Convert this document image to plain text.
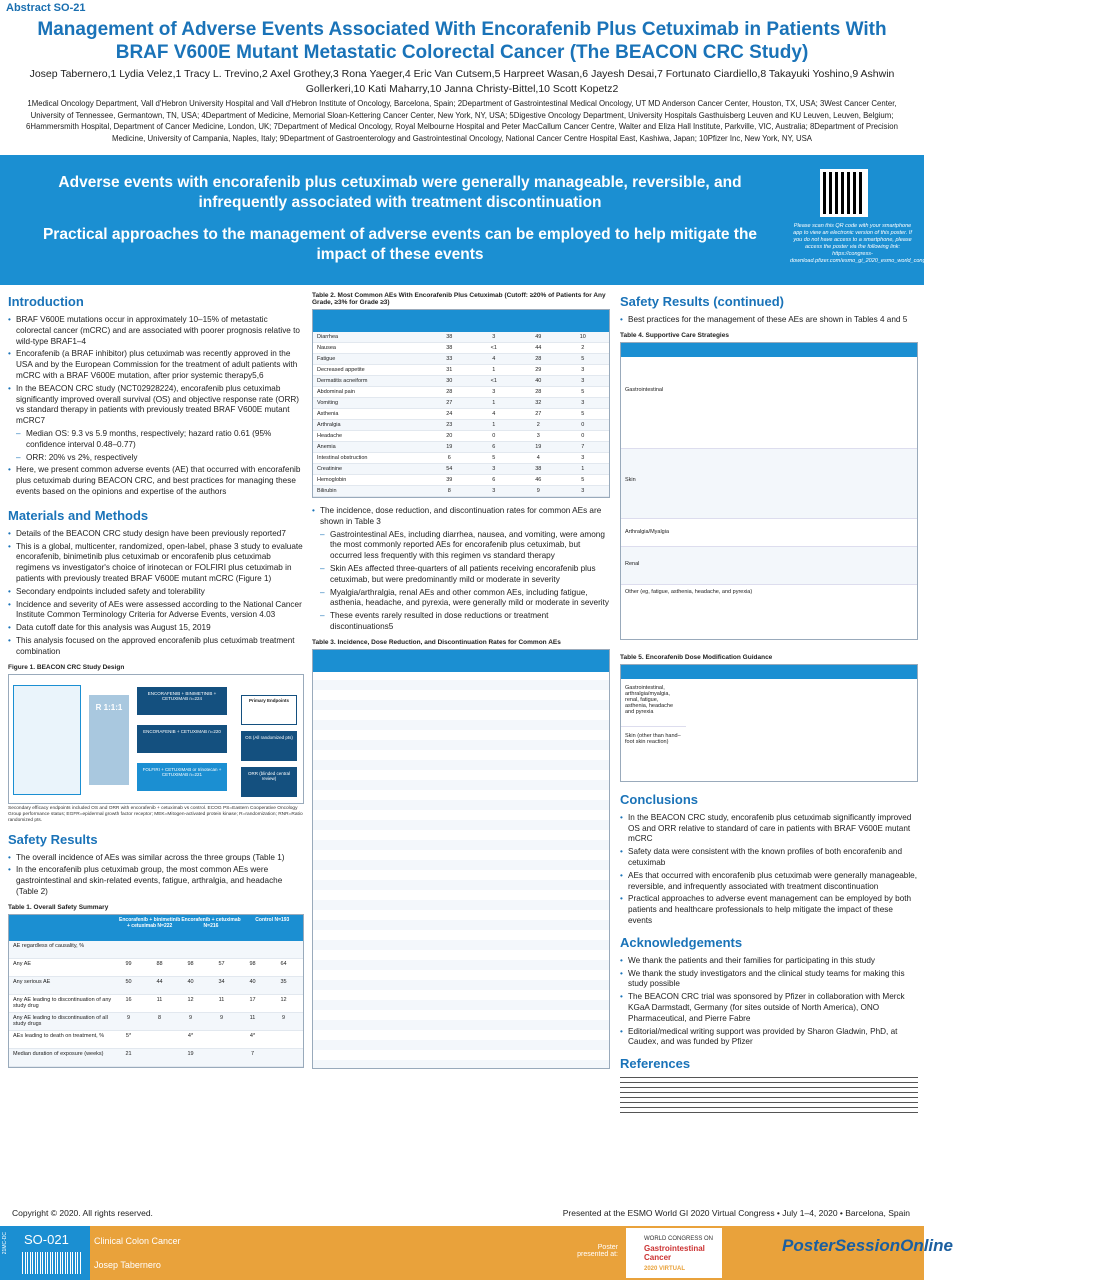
Abstract SO-21
Management of Adverse Events Associated With Encorafenib Plus Cetuximab in Patients With BRAF V600E Mutant Metastatic Colorectal Cancer (The BEACON CRC Study)
Josep Tabernero,1 Lydia Velez,1 Tracy L. Trevino,2 Axel Grothey,3 Rona Yaeger,4 Eric Van Cutsem,5 Harpreet Wasan,6 Jayesh Desai,7 Fortunato Ciardiello,8 Takayuki Yoshino,9 Ashwin Gollerkeri,10 Kati Maharry,10 Janna Christy-Bittel,10 Scott Kopetz2
1Medical Oncology Department, Vall d'Hebron University Hospital and Vall d'Hebron Institute of Oncology, Barcelona, Spain; 2Department of Gastrointestinal Medical Oncology, UT MD Anderson Cancer Center, Houston, TX, USA; 3West Cancer Center, University of Tennessee, Germantown, TN, USA; 4Department of Medicine, Memorial Sloan-Kettering Cancer Center, New York, NY, USA; 5Digestive Oncology Department, University Hospitals Gasthuisberg Leuven and KU Leuven, Leuven, Belgium; 6Hammersmith Hospital, Department of Cancer Medicine, London, UK; 7Department of Medical Oncology, Royal Melbourne Hospital and Peter MacCallum Cancer Centre, Walter and Eliza Hall Institute, Parkville, VIC, Australia; 8Department of Precision Medicine, University of Campania, Naples, Italy; 9Department of Gastroenterology and Gastrointestinal Oncology, National Cancer Centre Hospital East, Kashiwa, Japan; 10Pfizer Inc, New York, NY, USA
Adverse events with encorafenib plus cetuximab were generally manageable, reversible, and infrequently associated with treatment discontinuation
Practical approaches to the management of adverse events can be employed to help mitigate the impact of these events
Please scan this QR code with your smartphone app to view an electronic version of this poster. If you do not have access to a smartphone, please access the poster via the following link: https://congress-download.pfizer.com/esmo_gi_2020_esmo_world_congress_of_gastrointestinal_cancer_2020_677_encorafenib_tabernero_j_21.html
Introduction
• BRAF V600E mutations occur in approximately 10–15% of metastatic colorectal cancer (mCRC) and are associated with poorer prognosis relative to wild-type BRAF1–4
• Encorafenib (a BRAF inhibitor) plus cetuximab was recently approved in the USA and by the European Commission for the treatment of adult patients with mCRC with a BRAF V600E mutation, after prior systemic therapy5,6
• In the BEACON CRC study (NCT02928224), encorafenib plus cetuximab significantly improved overall survival (OS) and objective response rate (ORR) vs standard therapy in patients with previously treated BRAF V600E mutant mCRC7
– Median OS: 9.3 vs 5.9 months, respectively; hazard ratio 0.61 (95% confidence interval 0.48–0.77)
– ORR: 20% vs 2%, respectively
• Here, we present common adverse events (AE) that occurred with encorafenib plus cetuximab during BEACON CRC, and best practices for managing these events based on the opinions and expertise of the authors
Materials and Methods
• Details of the BEACON CRC study design have been previously reported7
• This is a global, multicenter, randomized, open-label, phase 3 study to evaluate encorafenib, binimetinib plus cetuximab or encorafenib plus cetuximab regimens vs investigator's choice of irinotecan or FOLFIRI plus cetuximab in patients with previously treated BRAF V600E mutant mCRC (Figure 1)
• Secondary endpoints included safety and tolerability
• Incidence and severity of AEs were assessed according to the National Cancer Institute Common Terminology Criteria for Adverse Events, version 4.03
• Data cutoff date for this analysis was August 15, 2019
• This analysis focused on the approved encorafenib plus cetuximab treatment combination
Figure 1. BEACON CRC Study Design
R 1:1:1
ENCORAFENIB + BINIMETINIB + CETUXIMAB n=224
ENCORAFENIB + CETUXIMAB n=220
FOLFIRI + CETUXIMAB or Irinotecan + CETUXIMAB n=221
Primary Endpoints
OS (All randomized pts)
ORR (blinded central review)
Secondary efficacy endpoints included OS and ORR with encorafenib + cetuximab vs control. ECOG PS=Eastern Cooperative Oncology Group performance status; EGFR=epidermal growth factor receptor; MEK=Mitogen-activated protein kinase; R=randomization; RNR=Ratio randomized pts.
Safety Results
• The overall incidence of AEs was similar across the three groups (Table 1)
• In the encorafenib plus cetuximab group, the most common AEs were gastrointestinal and skin-related events, fatigue, arthralgia, and headache (Table 2)
Table 1. Overall Safety Summary
Encorafenib + binimetinib + cetuximab N=222
Encorafenib + cetuximab N=216
Control N=193
AE regardless of causality, %
Any AE	99	88	98	57	98	64
Any serious AE	50	44	40	34	40	35
Any AE leading to discontinuation of any study drug
16	11	12	11	17	12
Any AE leading to discontinuation of all study drugs
9	8	9	9	11	9
AEs leading to death on treatment, %	5*	4*	4*
Median duration of exposure (weeks)	21	19	7
Table 2. Most Common AEs With Encorafenib Plus Cetuximab (Cutoff: ≥20% of Patients for Any Grade, ≥3% for Grade ≥3)
Diarrhea	38	3	49	10
Nausea	38	<1	44	2
Fatigue	33	4	28	5
Decreased appetite	31	1	29	3
Dermatitis acneiform	30	<1	40	3
Abdominal pain	28	3	28	5
Vomiting	27	1	32	3
Asthenia	24	4	27	5
Arthralgia	23	1	2	0
Headache	20	0	3	0
Anemia	19	6	19	7
Intestinal obstruction	6	5	4	3
Creatinine	54	3	38	1
Hemoglobin	39	6	46	5
Bilirubin	8	3	9	3
• The incidence, dose reduction, and discontinuation rates for common AEs are shown in Table 3
– Gastrointestinal AEs, including diarrhea, nausea, and vomiting, were among the most commonly reported AEs for encorafenib plus cetuximab, but occurred less frequently with this regimen vs standard therapy
– Skin AEs affected three-quarters of all patients receiving encorafenib plus cetuximab, but were predominantly mild or moderate in severity
– Myalgia/arthralgia, renal AEs and other common AEs, including fatigue, asthenia, headache, and pyrexia, were generally mild or moderate in severity
– These events rarely resulted in dose reductions or treatment discontinuations5
Table 3. Incidence, Dose Reduction, and Discontinuation Rates for Common AEs
Safety Results (continued)
• Best practices for the management of these AEs are shown in Tables 4 and 5
Table 4. Supportive Care Strategies
Gastrointestinal
Skin
Arthralgia/Myalgia
Renal
Other (eg, fatigue, asthenia, headache, and pyrexia)
Table 5. Encorafenib Dose Modification Guidance
Gastrointestinal, arthralgia/myalgia, renal, fatigue, asthenia, headache and pyrexia
Skin (other than hand–foot skin reaction)
Conclusions
• In the BEACON CRC study, encorafenib plus cetuximab significantly improved OS and ORR relative to standard of care in patients with BRAF V600E mutant mCRC
• Safety data were consistent with the known profiles of both encorafenib and cetuximab
• AEs that occurred with encorafenib plus cetuximab were generally manageable, reversible, and infrequently associated with treatment discontinuation
• Practical approaches to adverse event management can be employed by both patients and healthcare professionals to help mitigate the impact of these events
Acknowledgements
• We thank the patients and their families for participating in this study
• We thank the study investigators and the clinical study teams for making this study possible
• The BEACON CRC trial was sponsored by Pfizer in collaboration with Merck KGaA Darmstadt, Germany (for sites outside of North America), ONO Pharmaceutical, and Pierre Fabre
• Editorial/medical writing support was provided by Sharon Gladwin, PhD, at Caudex, and was funded by Pfizer
References
Copyright © 2020. All rights reserved.	Presented at the ESMO World GI 2020 Virtual Congress • July 1–4, 2020 • Barcelona, Spain
21MC-DC SO-021	Clinical Colon Cancer
Josep Tabernero
Poster presented at:
WORLD CONGRESS ON
Gastrointestinal Cancer
2020 VIRTUAL
PosterSessionOnline
